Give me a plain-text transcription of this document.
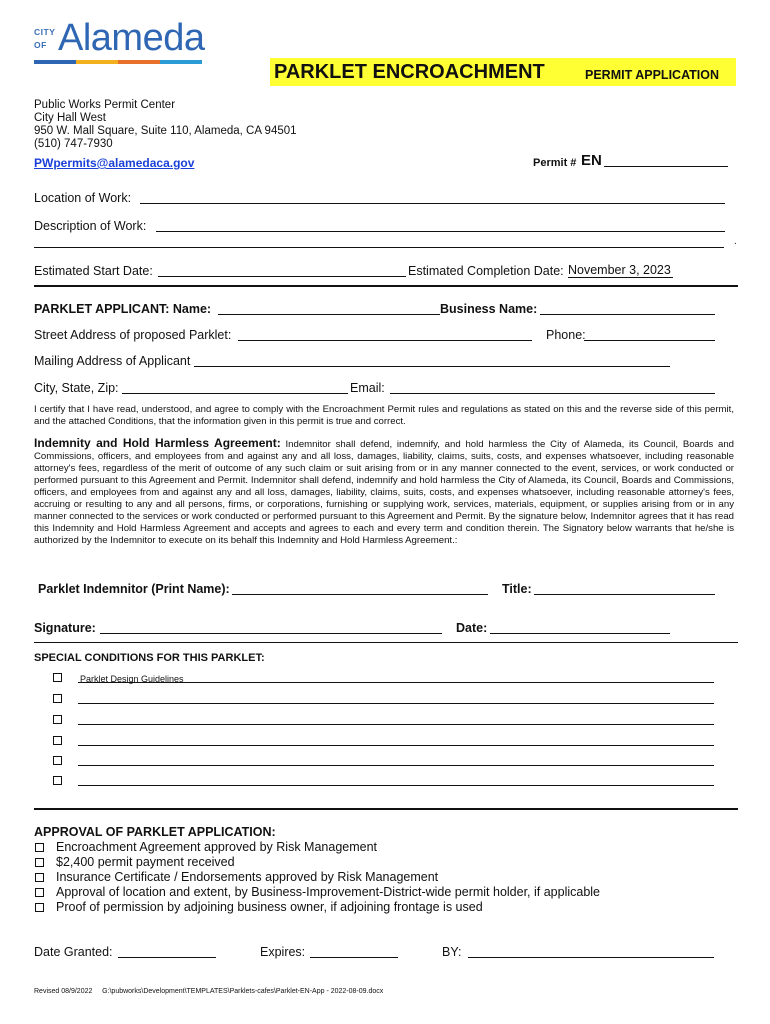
CITY
OF Alameda
PARKLET ENCROACHMENT	PERMIT APPLICATION
Public Works Permit Center
City Hall West
950 W. Mall Square, Suite 110, Alameda, CA 94501
(510) 747-7930
PWpermits@alamedaca.gov	Permit # EN
Location of Work:
Description of Work:
.
Estimated Start Date:	Estimated Completion Date: November 3, 2023
PARKLET APPLICANT: Name:	Business Name:
Street Address of proposed Parklet:	Phone:
Mailing Address of Applicant
City, State, Zip:	Email:
I certify that I have read, understood, and agree to comply with the Encroachment Permit rules and regulations as stated on this and the reverse side of this permit, and the attached Conditions, that the information given in this permit is true and correct.
Indemnity and Hold Harmless Agreement: Indemnitor shall defend, indemnify, and hold harmless the City of Alameda, its Council, Boards and Commissions, officers, and employees from and against any and all loss, damages, liability, claims, suits, costs, and expenses whatsoever, including reasonable attorney's fees, regardless of the merit of outcome of any such claim or suit arising from or in any manner connected to the event, services, or work conducted or performed pursuant to this Agreement and Permit. Indemnitor shall defend, indemnify and hold harmless the City of Alameda, its Council, Boards and Commissions, officers, and employees from and against any and all loss, damages, liability, claims, suits, costs, and expenses whatsoever, including reasonable attorney's fees, accruing or resulting to any and all persons, firms, or corporations, furnishing or supplying work, services, materials, equipment, or supplies arising from or in any manner connected to the services or work conducted or performed pursuant to this Agreement and Permit. By the signature below, Indemnitor agrees that it has read this Indemnity and Hold Harmless Agreement and accepts and agrees to each and every term and condition therein. The Signatory below warrants that he/she is authorized by the Indemnitor to execute on its behalf this Indemnity and Hold Harmless Agreement.:
Parklet Indemnitor (Print Name):	Title:
Signature:	Date:
SPECIAL CONDITIONS FOR THIS PARKLET:
Parklet Design Guidelines
APPROVAL OF PARKLET APPLICATION:
Encroachment Agreement approved by Risk Management
$2,400 permit payment received
Insurance Certificate / Endorsements approved by Risk Management
Approval of location and extent, by Business-Improvement-District-wide permit holder, if applicable
Proof of permission by adjoining business owner, if adjoining frontage is used
Date Granted:	Expires:	BY:
Revised 08/9/2022     G:\pubworks\Development\TEMPLATES\Parklets-cafes\Parklet-EN-App - 2022-08-09.docx
